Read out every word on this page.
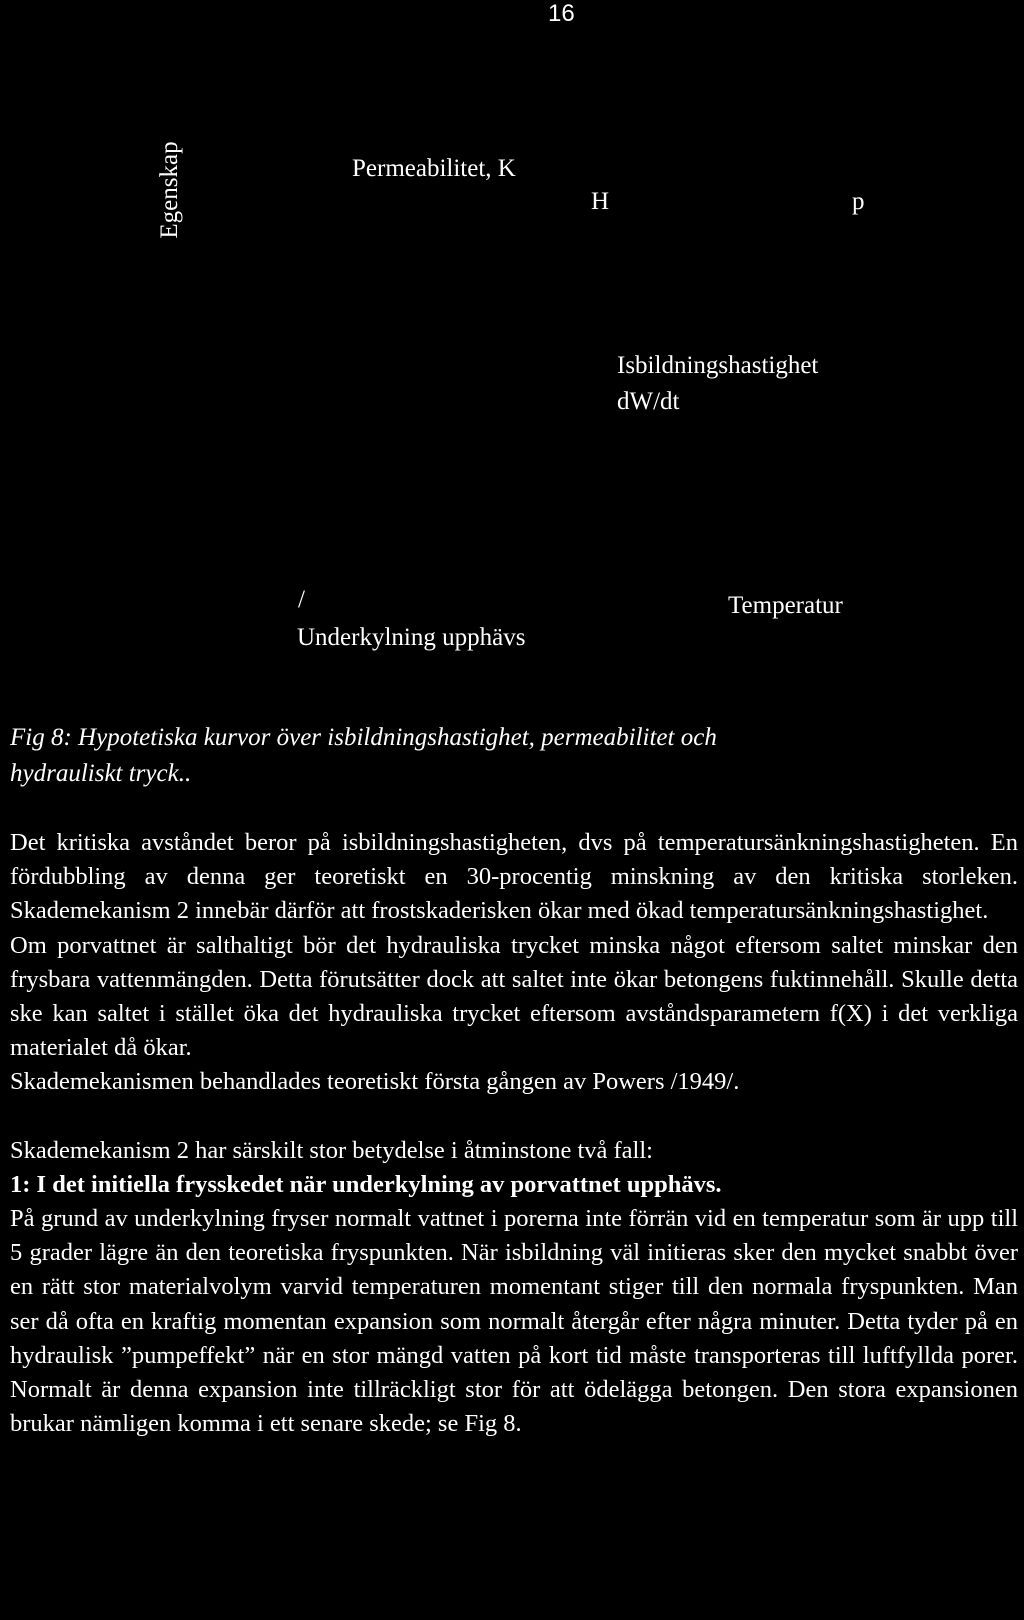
16
Egenskap	Permeabilitet, K
H	p
Isbildningshastighet
dW/dt
/
Underkylning upphävs
Temperatur
Fig 8: Hypotetiska kurvor över isbildningshastighet, permeabilitet och
hydrauliskt tryck..

Det kritiska avståndet beror på isbildningshastigheten, dvs på temperatursänkningshastigheten. En fördubbling av denna ger teoretiskt en 30-procentig minskning av den kritiska storleken. Skademekanism 2 innebär därför att frostskaderisken ökar med ökad temperatursänkningshastighet.

Om porvattnet är salthaltigt bör det hydrauliska trycket minska något eftersom saltet minskar den frysbara vattenmängden. Detta förutsätter dock att saltet inte ökar betongens fuktinnehåll. Skulle detta ske kan saltet i stället öka det hydrauliska trycket eftersom avståndsparametern f(X) i det verkliga materialet då ökar.

Skademekanismen behandlades teoretiskt första gången av Powers /1949/.

Skademekanism 2 har särskilt stor betydelse i åtminstone två fall:

1: I det initiella frysskedet när underkylning av porvattnet upphävs.

På grund av underkylning fryser normalt vattnet i porerna inte förrän vid en temperatur som är upp till 5 grader lägre än den teoretiska fryspunkten. När isbildning väl initieras sker den mycket snabbt över en rätt stor materialvolym varvid temperaturen momentant stiger till den normala fryspunkten. Man ser då ofta en kraftig momentan expansion som normalt återgår efter några minuter. Detta tyder på en hydraulisk ”pumpeffekt” när en stor mängd vatten på kort tid måste transporteras till luftfyllda porer. Normalt är denna expansion inte tillräckligt stor för att ödelägga betongen. Den stora expansionen brukar nämligen komma i ett senare skede; se Fig 8.
